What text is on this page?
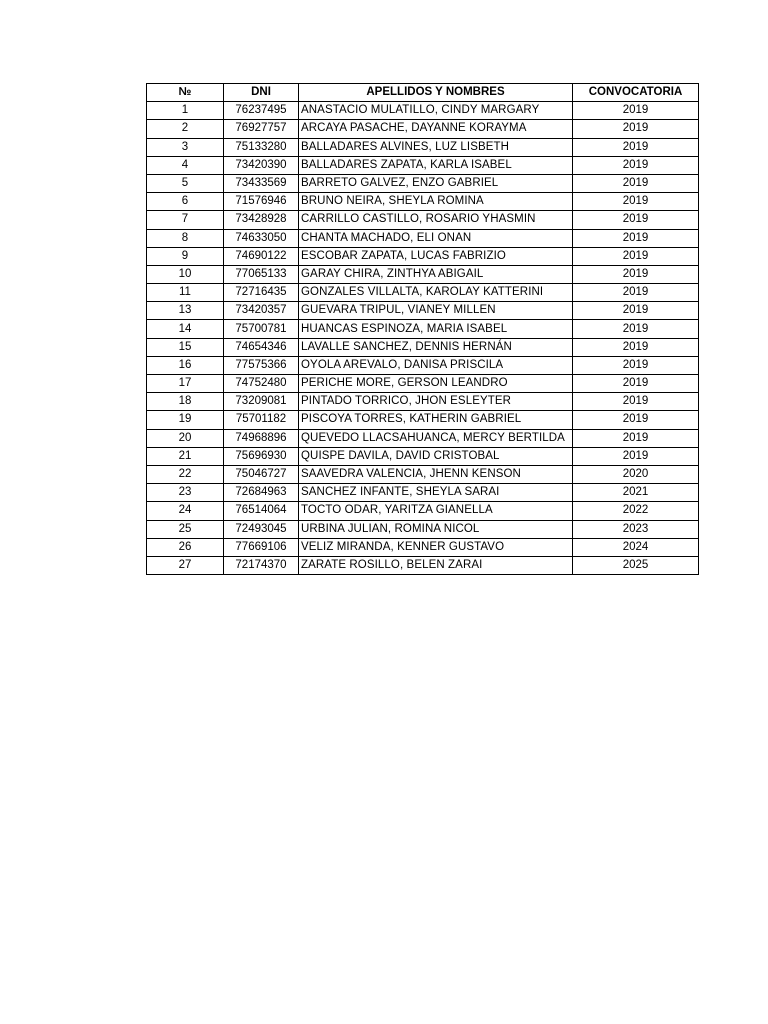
№	DNI	APELLIDOS Y NOMBRES	CONVOCATORIA
1	76237495	ANASTACIO MULATILLO, CINDY MARGARY	2019
2	76927757	ARCAYA PASACHE, DAYANNE KORAYMA	2019
3	75133280	BALLADARES ALVINES, LUZ LISBETH	2019
4	73420390	BALLADARES ZAPATA, KARLA ISABEL	2019
5	73433569	BARRETO GALVEZ, ENZO GABRIEL	2019
6	71576946	BRUNO NEIRA, SHEYLA ROMINA	2019
7	73428928	CARRILLO CASTILLO, ROSARIO YHASMIN	2019
8	74633050	CHANTA MACHADO, ELI ONAN	2019
9	74690122	ESCOBAR ZAPATA, LUCAS FABRIZIO	2019
10	77065133	GARAY CHIRA, ZINTHYA ABIGAIL	2019
11	72716435	GONZALES VILLALTA, KAROLAY KATTERINI	2019
13	73420357	GUEVARA TRIPUL, VIANEY MILLEN	2019
14	75700781	HUANCAS ESPINOZA, MARIA ISABEL	2019
15	74654346	LAVALLE SANCHEZ, DENNIS HERNÁN	2019
16	77575366	OYOLA AREVALO, DANISA PRISCILA	2019
17	74752480	PERICHE MORE, GERSON LEANDRO	2019
18	73209081	PINTADO TORRICO, JHON ESLEYTER	2019
19	75701182	PISCOYA TORRES, KATHERIN GABRIEL	2019
20	74968896	QUEVEDO LLACSAHUANCA, MERCY BERTILDA	2019
21	75696930	QUISPE DAVILA, DAVID CRISTOBAL	2019
22	75046727	SAAVEDRA VALENCIA, JHENN KENSON	2020
23	72684963	SANCHEZ INFANTE, SHEYLA SARAI	2021
24	76514064	TOCTO ODAR, YARITZA GIANELLA	2022
25	72493045	URBINA JULIAN, ROMINA NICOL	2023
26	77669106	VELIZ MIRANDA, KENNER GUSTAVO	2024
27	72174370	ZARATE ROSILLO, BELEN ZARAI	2025
